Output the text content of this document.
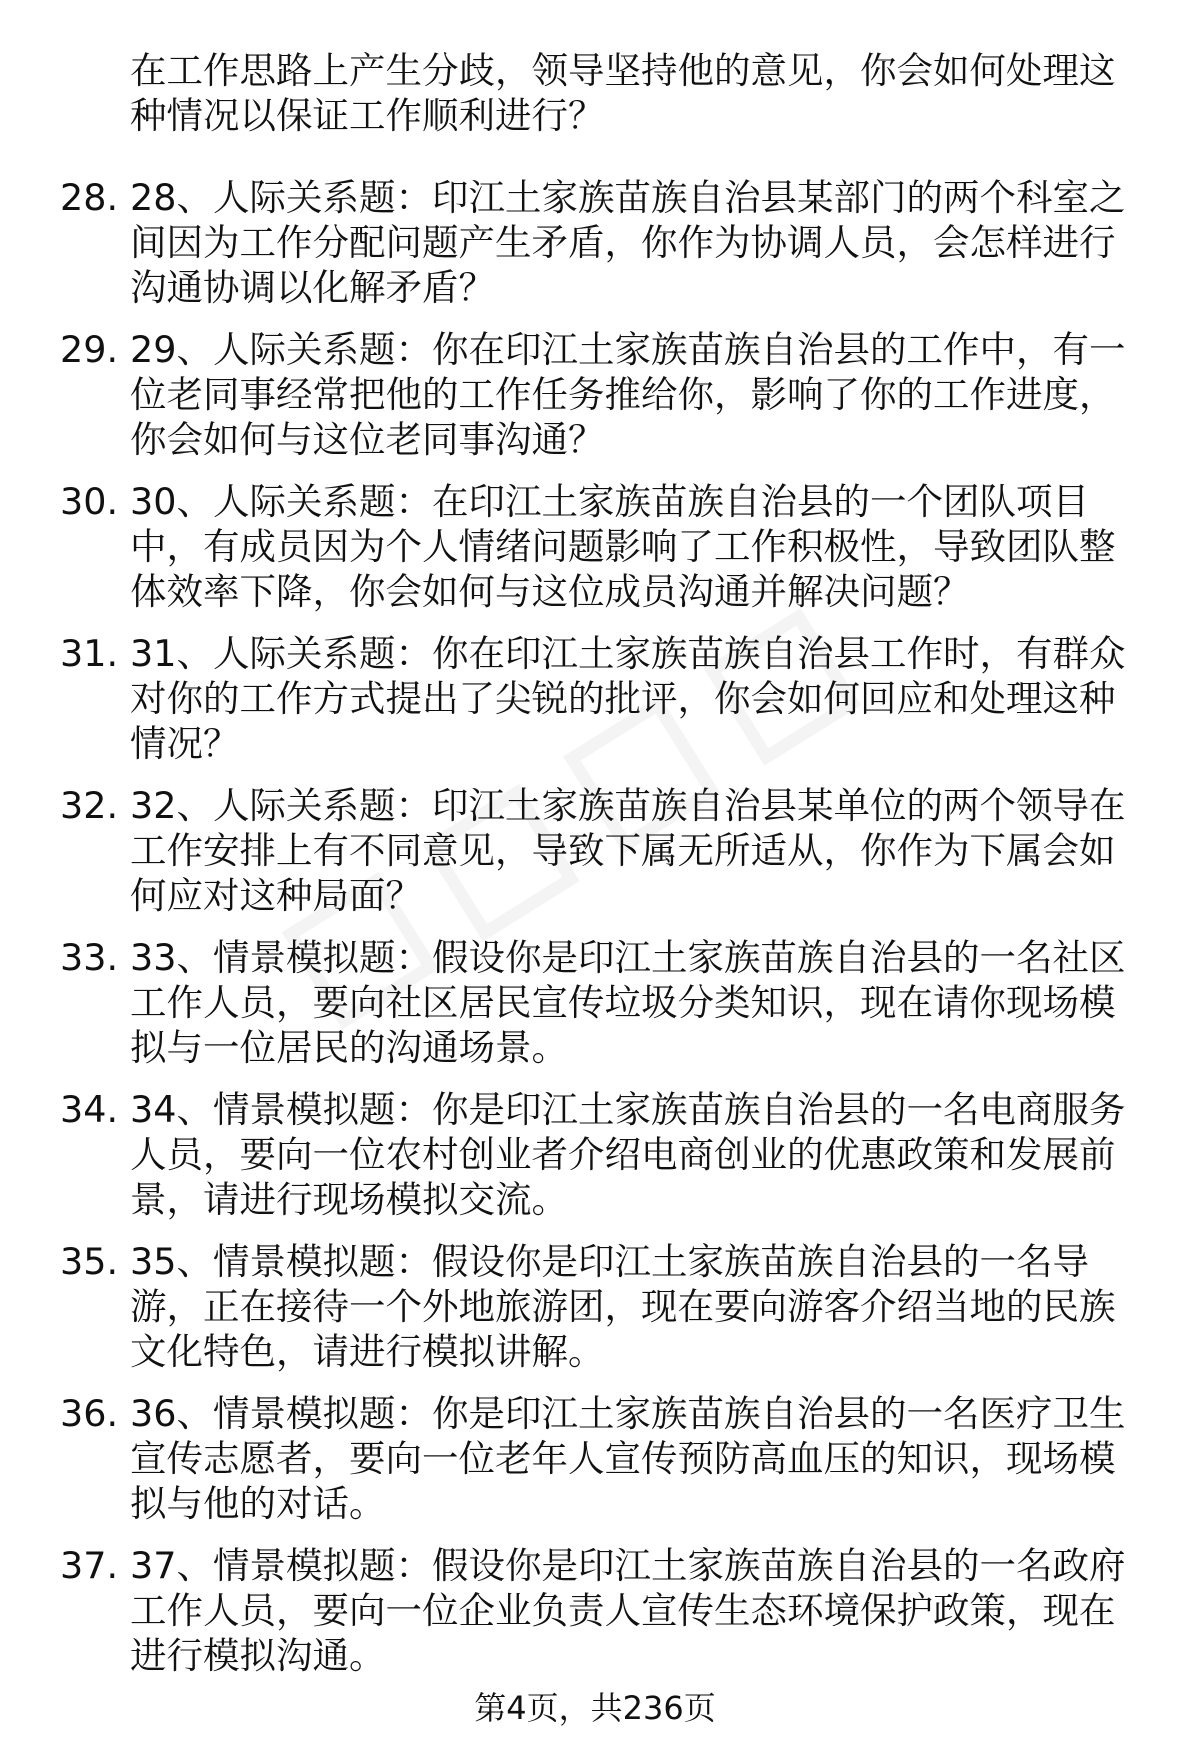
在工作思路上产生分歧，领导坚持他的意见，你会如何处理这种情况以保证工作顺利进行？

28. 28、人际关系题：印江土家族苗族自治县某部门的两个科室之间因为工作分配问题产生矛盾，你作为协调人员，会怎样进行沟通协调以化解矛盾？
29. 29、人际关系题：你在印江土家族苗族自治县的工作中，有一位老同事经常把他的工作任务推给你，影响了你的工作进度，你会如何与这位老同事沟通？
30. 30、人际关系题：在印江土家族苗族自治县的一个团队项目中，有成员因为个人情绪问题影响了工作积极性，导致团队整体效率下降，你会如何与这位成员沟通并解决问题？
31. 31、人际关系题：你在印江土家族苗族自治县工作时，有群众对你的工作方式提出了尖锐的批评，你会如何回应和处理这种情况？
32. 32、人际关系题：印江土家族苗族自治县某单位的两个领导在工作安排上有不同意见，导致下属无所适从，你作为下属会如何应对这种局面？
33. 33、情景模拟题：假设你是印江土家族苗族自治县的一名社区工作人员，要向社区居民宣传垃圾分类知识，现在请你现场模拟与一位居民的沟通场景。
34. 34、情景模拟题：你是印江土家族苗族自治县的一名电商服务人员，要向一位农村创业者介绍电商创业的优惠政策和发展前景，请进行现场模拟交流。
35. 35、情景模拟题：假设你是印江土家族苗族自治县的一名导游，正在接待一个外地旅游团，现在要向游客介绍当地的民族文化特色，请进行模拟讲解。
36. 36、情景模拟题：你是印江土家族苗族自治县的一名医疗卫生宣传志愿者，要向一位老年人宣传预防高血压的知识，现场模拟与他的对话。
37. 37、情景模拟题：假设你是印江土家族苗族自治县的一名政府工作人员，要向一位企业负责人宣传生态环境保护政策，现在进行模拟沟通。
第4页，共236页
